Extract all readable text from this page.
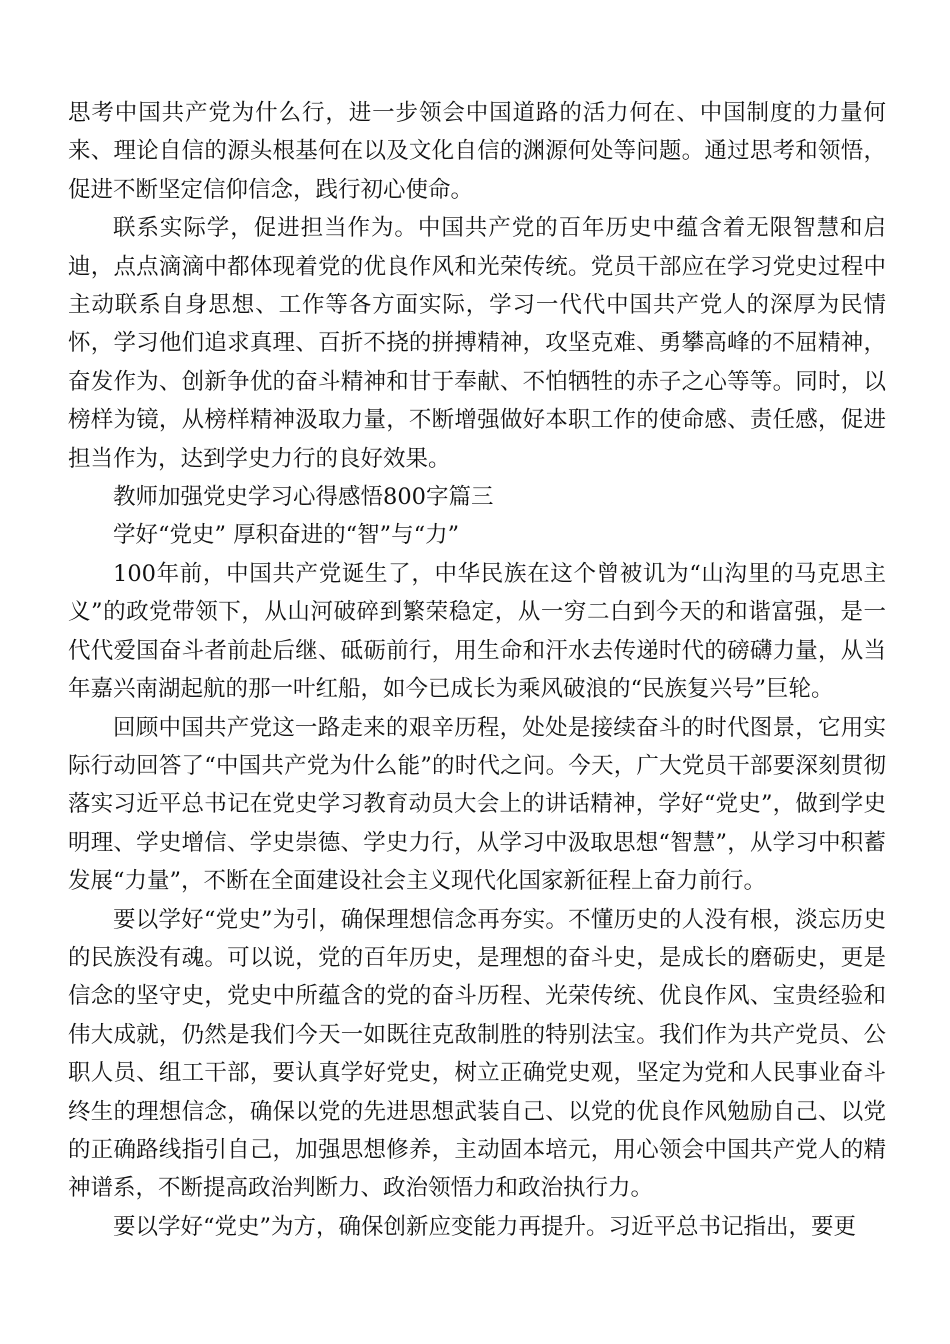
思考中国共产党为什么行，进一步领会中国道路的活力何在、中国制度的力量何来、理论自信的源头根基何在以及文化自信的渊源何处等问题。通过思考和领悟，促进不断坚定信仰信念，践行初心使命。

联系实际学，促进担当作为。中国共产党的百年历史中蕴含着无限智慧和启迪，点点滴滴中都体现着党的优良作风和光荣传统。党员干部应在学习党史过程中主动联系自身思想、工作等各方面实际，学习一代代中国共产党人的深厚为民情怀，学习他们追求真理、百折不挠的拼搏精神，攻坚克难、勇攀高峰的不屈精神，奋发作为、创新争优的奋斗精神和甘于奉献、不怕牺牲的赤子之心等等。同时，以榜样为镜，从榜样精神汲取力量，不断增强做好本职工作的使命感、责任感，促进担当作为，达到学史力行的良好效果。

教师加强党史学习心得感悟800字篇三

学好“党史” 厚积奋进的“智”与“力”

100年前，中国共产党诞生了，中华民族在这个曾被讥为“山沟里的马克思主义”的政党带领下，从山河破碎到繁荣稳定，从一穷二白到今天的和谐富强，是一代代爱国奋斗者前赴后继、砥砺前行，用生命和汗水去传递时代的磅礴力量，从当年嘉兴南湖起航的那一叶红船，如今已成长为乘风破浪的“民族复兴号”巨轮。

回顾中国共产党这一路走来的艰辛历程，处处是接续奋斗的时代图景，它用实际行动回答了“中国共产党为什么能”的时代之问。今天，广大党员干部要深刻贯彻落实习近平总书记在党史学习教育动员大会上的讲话精神，学好“党史”，做到学史明理、学史增信、学史崇德、学史力行，从学习中汲取思想“智慧”，从学习中积蓄发展“力量”，不断在全面建设社会主义现代化国家新征程上奋力前行。

要以学好“党史”为引，确保理想信念再夯实。不懂历史的人没有根，淡忘历史的民族没有魂。可以说，党的百年历史，是理想的奋斗史，是成长的磨砺史，更是信念的坚守史，党史中所蕴含的党的奋斗历程、光荣传统、优良作风、宝贵经验和伟大成就，仍然是我们今天一如既往克敌制胜的特别法宝。我们作为共产党员、公职人员、组工干部，要认真学好党史，树立正确党史观，坚定为党和人民事业奋斗终生的理想信念，确保以党的先进思想武装自己、以党的优良作风勉励自己、以党的正确路线指引自己，加强思想修养，主动固本培元，用心领会中国共产党人的精神谱系，不断提高政治判断力、政治领悟力和政治执行力。

要以学好“党史”为方，确保创新应变能力再提升。习近平总书记指出，要更
